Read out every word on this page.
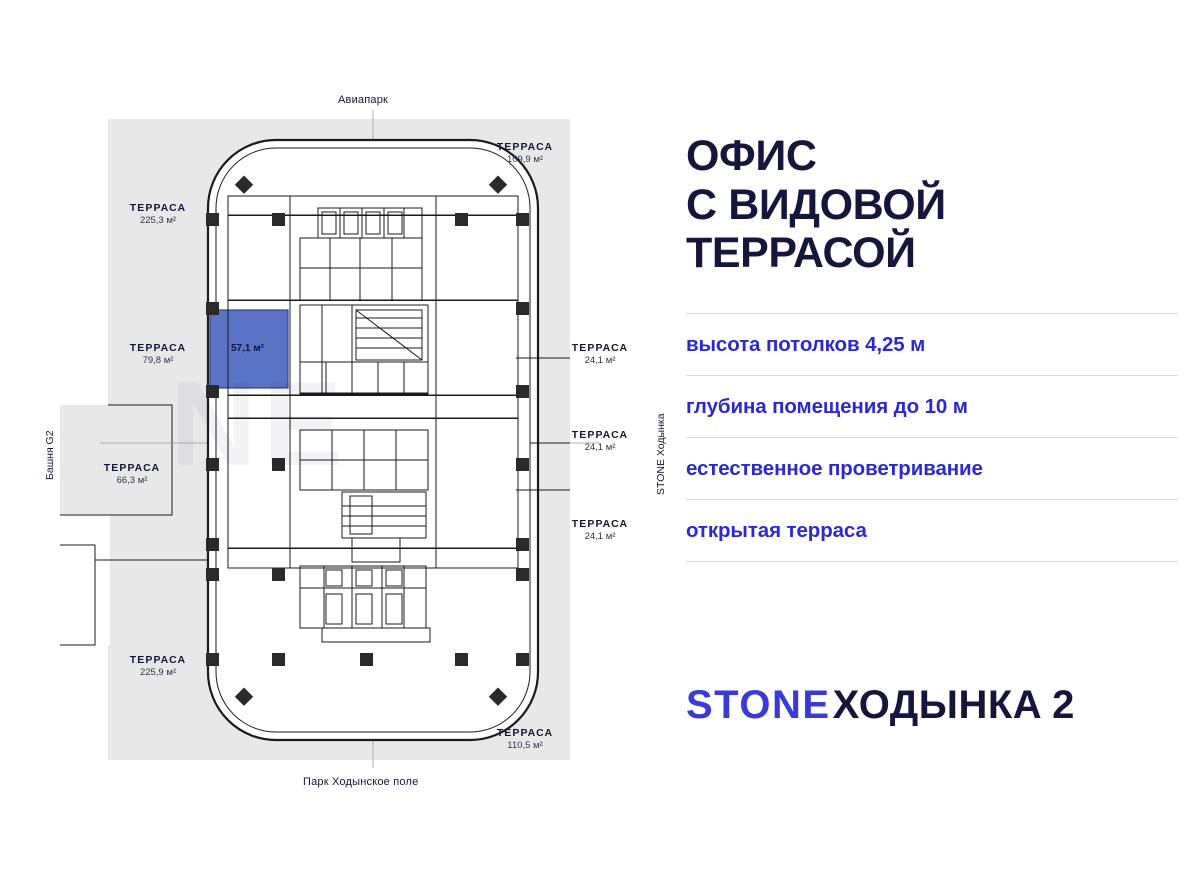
Авиапарк
Парк Ходынское поле
Башня G2	STONE Ходынка
57,1 м²
ТЕРРАСА
109,9 м²
ТЕРРАСА
225,3 м²
ТЕРРАСА
79,8 м²
ТЕРРАСА
24,1 м²
ТЕРРАСА
24,1 м²
ТЕРРАСА
24,1 м²
ТЕРРАСА
66,3 м²
ТЕРРАСА
225,9 м²
ТЕРРАСА
110,5 м²
ОФИС
С ВИДОВОЙ
ТЕРРАСОЙ
высота потолков 4,25 м
глубина помещения до 10 м
естественное проветривание
открытая терраса
STONE ХОДЫНКА 2
